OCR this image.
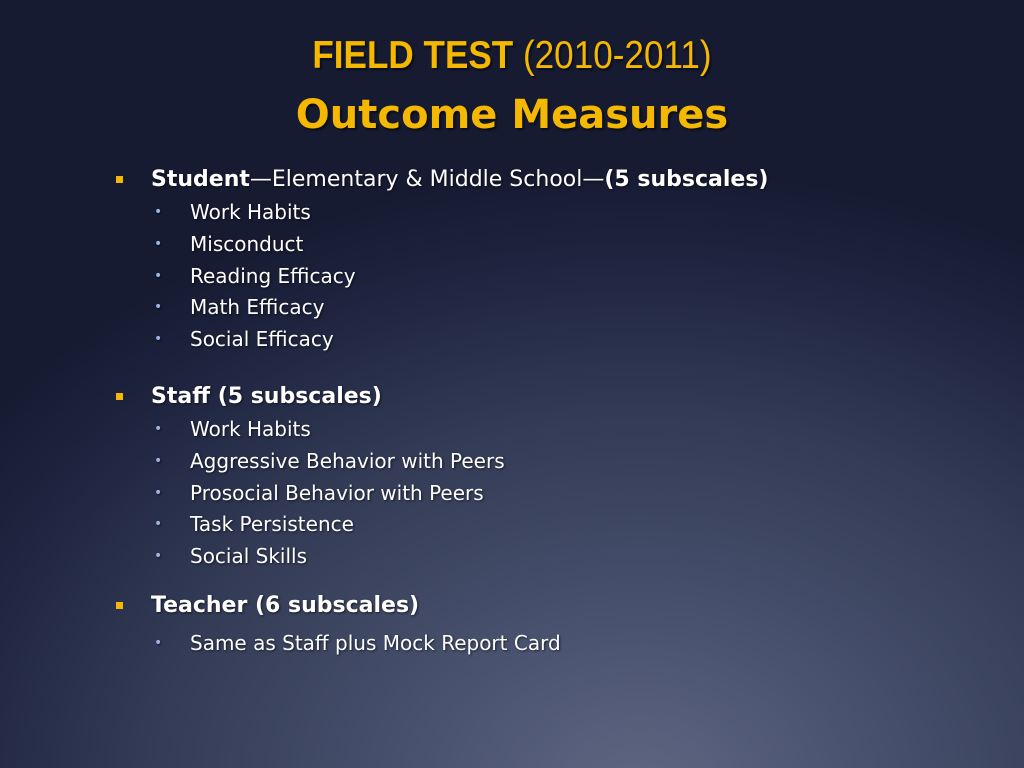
FIELD TEST (2010-2011)
Outcome Measures
Student—Elementary & Middle School—(5 subscales)
• Work Habits
• Misconduct
• Reading Efficacy
• Math Efficacy
• Social Efficacy
Staff (5 subscales)
• Work Habits
• Aggressive Behavior with Peers
• Prosocial Behavior with Peers
• Task Persistence
• Social Skills
Teacher (6 subscales)
• Same as Staff plus Mock Report Card
